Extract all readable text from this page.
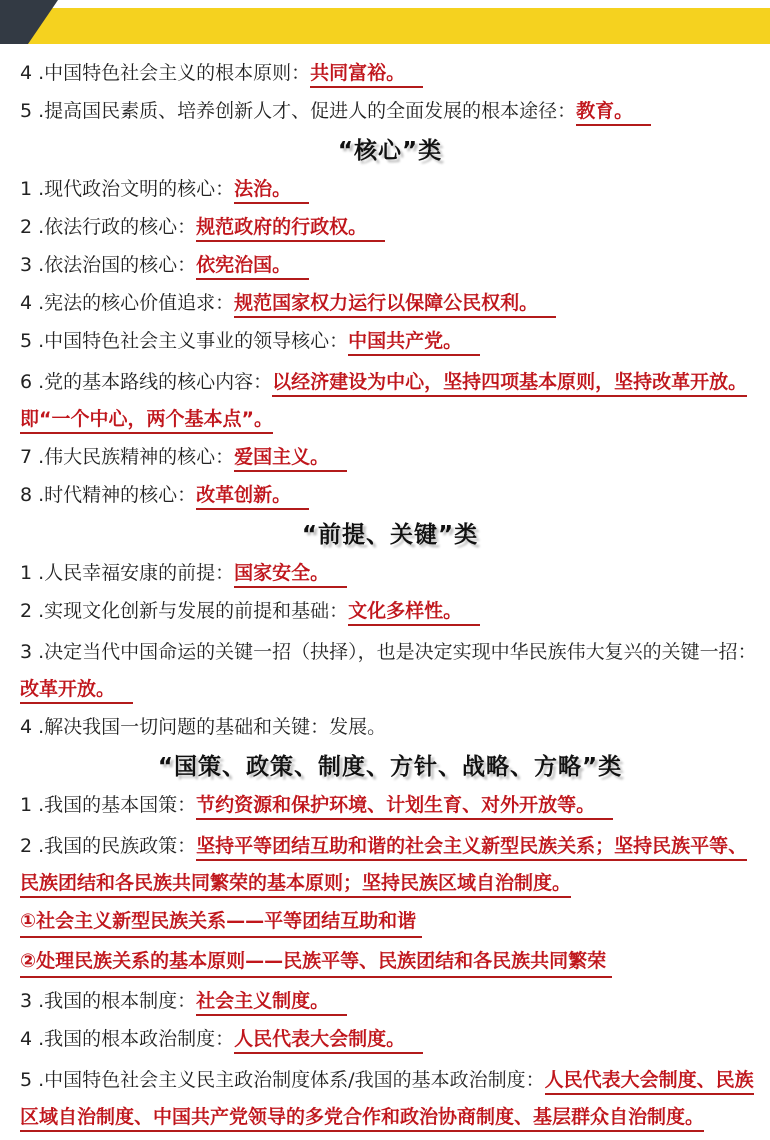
4 .中国特色社会主义的根本原则：共同富裕。
5 .提高国民素质、培养创新人才、促进人的全面发展的根本途径：教育。
“核心”类
1 .现代政治文明的核心：法治。
2 .依法行政的核心：规范政府的行政权。
3 .依法治国的核心：依宪治国。
4 .宪法的核心价值追求：规范国家权力运行以保障公民权利。
5 .中国特色社会主义事业的领导核心：中国共产党。
6 .党的基本路线的核心内容：以经济建设为中心，坚持四项基本原则，坚持改革开放。即“一个中心，两个基本点”。
7 .伟大民族精神的核心：爱国主义。
8 .时代精神的核心：改革创新。
“前提、关键”类
1 .人民幸福安康的前提：国家安全。
2 .实现文化创新与发展的前提和基础：文化多样性。
3 .决定当代中国命运的关键一招（抉择），也是决定实现中华民族伟大复兴的关键一招：改革开放。
4 .解决我国一切问题的基础和关键：发展。
“国策、政策、制度、方针、战略、方略”类
1 .我国的基本国策：节约资源和保护环境、计划生育、对外开放等。
2 .我国的民族政策：坚持平等团结互助和谐的社会主义新型民族关系；坚持民族平等、民族团结和各民族共同繁荣的基本原则；坚持民族区域自治制度。
①社会主义新型民族关系——平等团结互助和谐
②处理民族关系的基本原则——民族平等、民族团结和各民族共同繁荣
3 .我国的根本制度：社会主义制度。
4 .我国的根本政治制度：人民代表大会制度。
5 .中国特色社会主义民主政治制度体系/我国的基本政治制度：人民代表大会制度、民族区域自治制度、中国共产党领导的多党合作和政治协商制度、基层群众自治制度。
